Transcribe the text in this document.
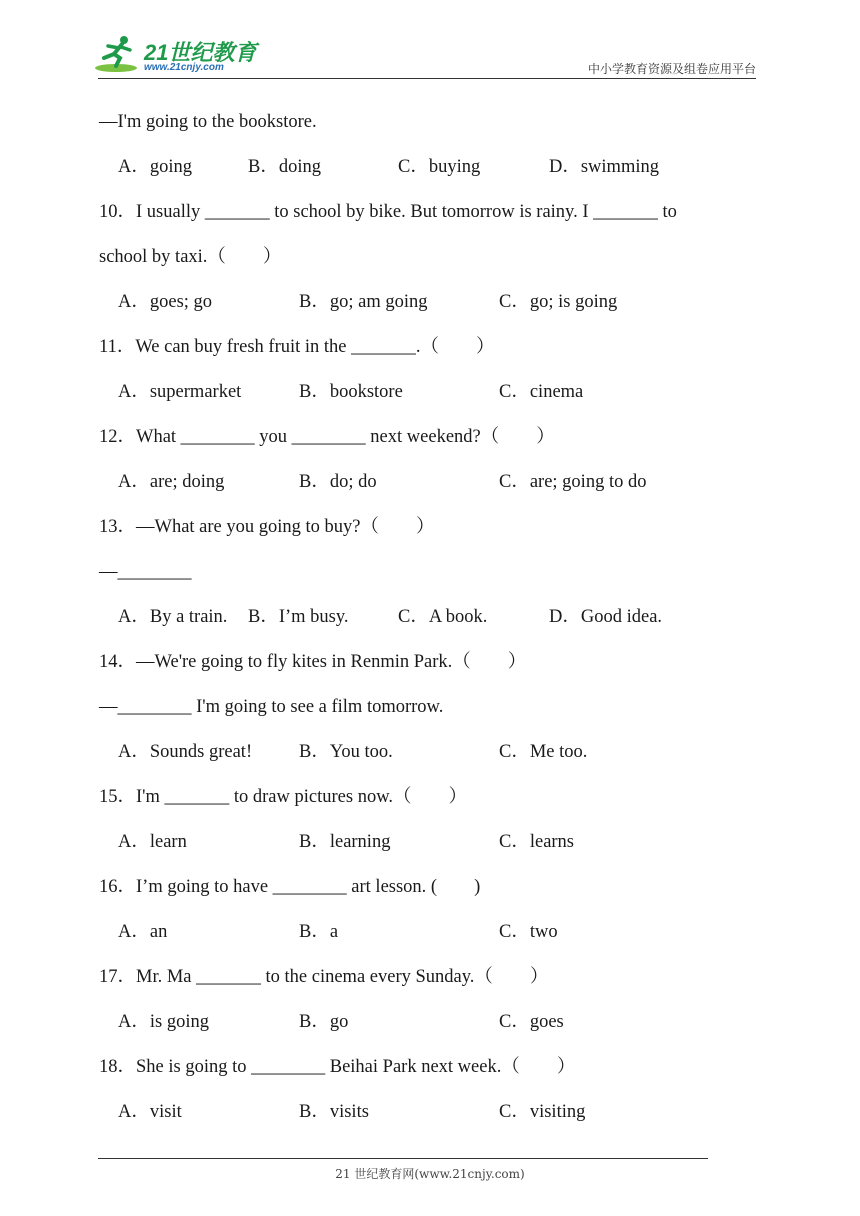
21世纪教育
www.21cnjy.com	中小学教育资源及组卷应用平台
—I'm going to the bookstore.
A．going	B．doing	C．buying	D．swimming
10．I usually _______ to school by bike. But tomorrow is rainy. I _______ to
school by taxi.（　　）
A．goes; go	B．go; am going	C．go; is going
11．We can buy fresh fruit in the _______.（　　）
A．supermarket	B．bookstore	C．cinema
12．What ________ you ________ next weekend?（　　）
A．are; doing	B．do; do	C．are; going to do
13．—What are you going to buy?（　　）
—________
A．By a train. B．I’m busy.	C．A book.	D．Good idea.
14．—We're going to fly kites in Renmin Park.（　　）
—________ I'm going to see a film tomorrow.
A．Sounds great!	B．You too.	C．Me too.
15．I'm _______ to draw pictures now.（　　）
A．learn	B．learning	C．learns
16．I’m going to have ________ art lesson. (　　)
A．an	B．a	C．two
17．Mr. Ma _______ to the cinema every Sunday.（　　）
A．is going	B．go	C．goes
18．She is going to ________ Beihai Park next week.（　　）
A．visit	B．visits	C．visiting
21 世纪教育网(www.21cnjy.com)
